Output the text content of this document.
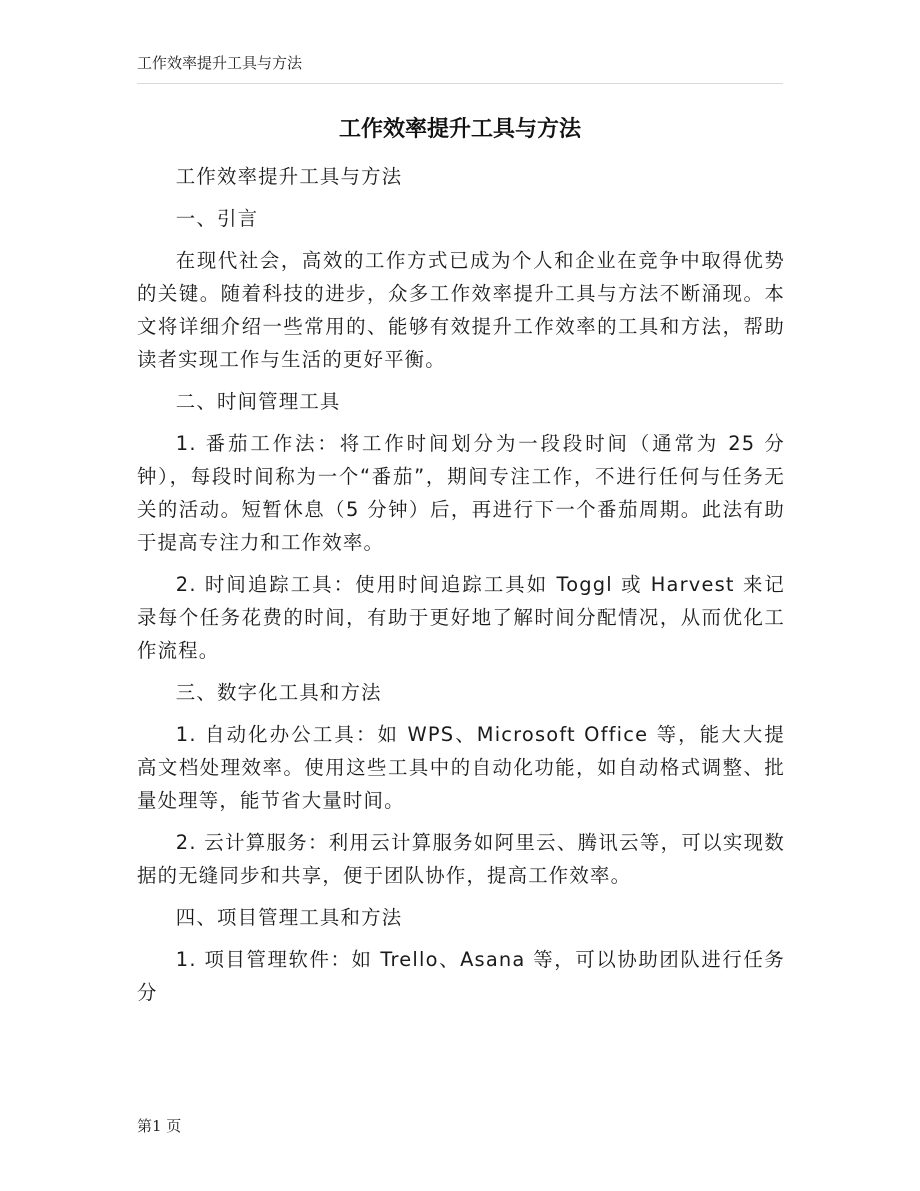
工作效率提升工具与方法
工作效率提升工具与方法

工作效率提升工具与方法

一、引言

在现代社会，高效的工作方式已成为个人和企业在竞争中取得优势的关键。随着科技的进步，众多工作效率提升工具与方法不断涌现。本文将详细介绍一些常用的、能够有效提升工作效率的工具和方法，帮助读者实现工作与生活的更好平衡。

二、时间管理工具

1. 番茄工作法：将工作时间划分为一段段时间（通常为 25 分钟），每段时间称为一个“番茄”，期间专注工作，不进行任何与任务无关的活动。短暂休息（5 分钟）后，再进行下一个番茄周期。此法有助于提高专注力和工作效率。

2. 时间追踪工具：使用时间追踪工具如 Toggl 或 Harvest 来记录每个任务花费的时间，有助于更好地了解时间分配情况，从而优化工作流程。

三、数字化工具和方法

1. 自动化办公工具：如 WPS、Microsoft Office 等，能大大提高文档处理效率。使用这些工具中的自动化功能，如自动格式调整、批量处理等，能节省大量时间。

2. 云计算服务：利用云计算服务如阿里云、腾讯云等，可以实现数据的无缝同步和共享，便于团队协作，提高工作效率。

四、项目管理工具和方法

1. 项目管理软件：如 Trello、Asana 等，可以协助团队进行任务分

第1 页
